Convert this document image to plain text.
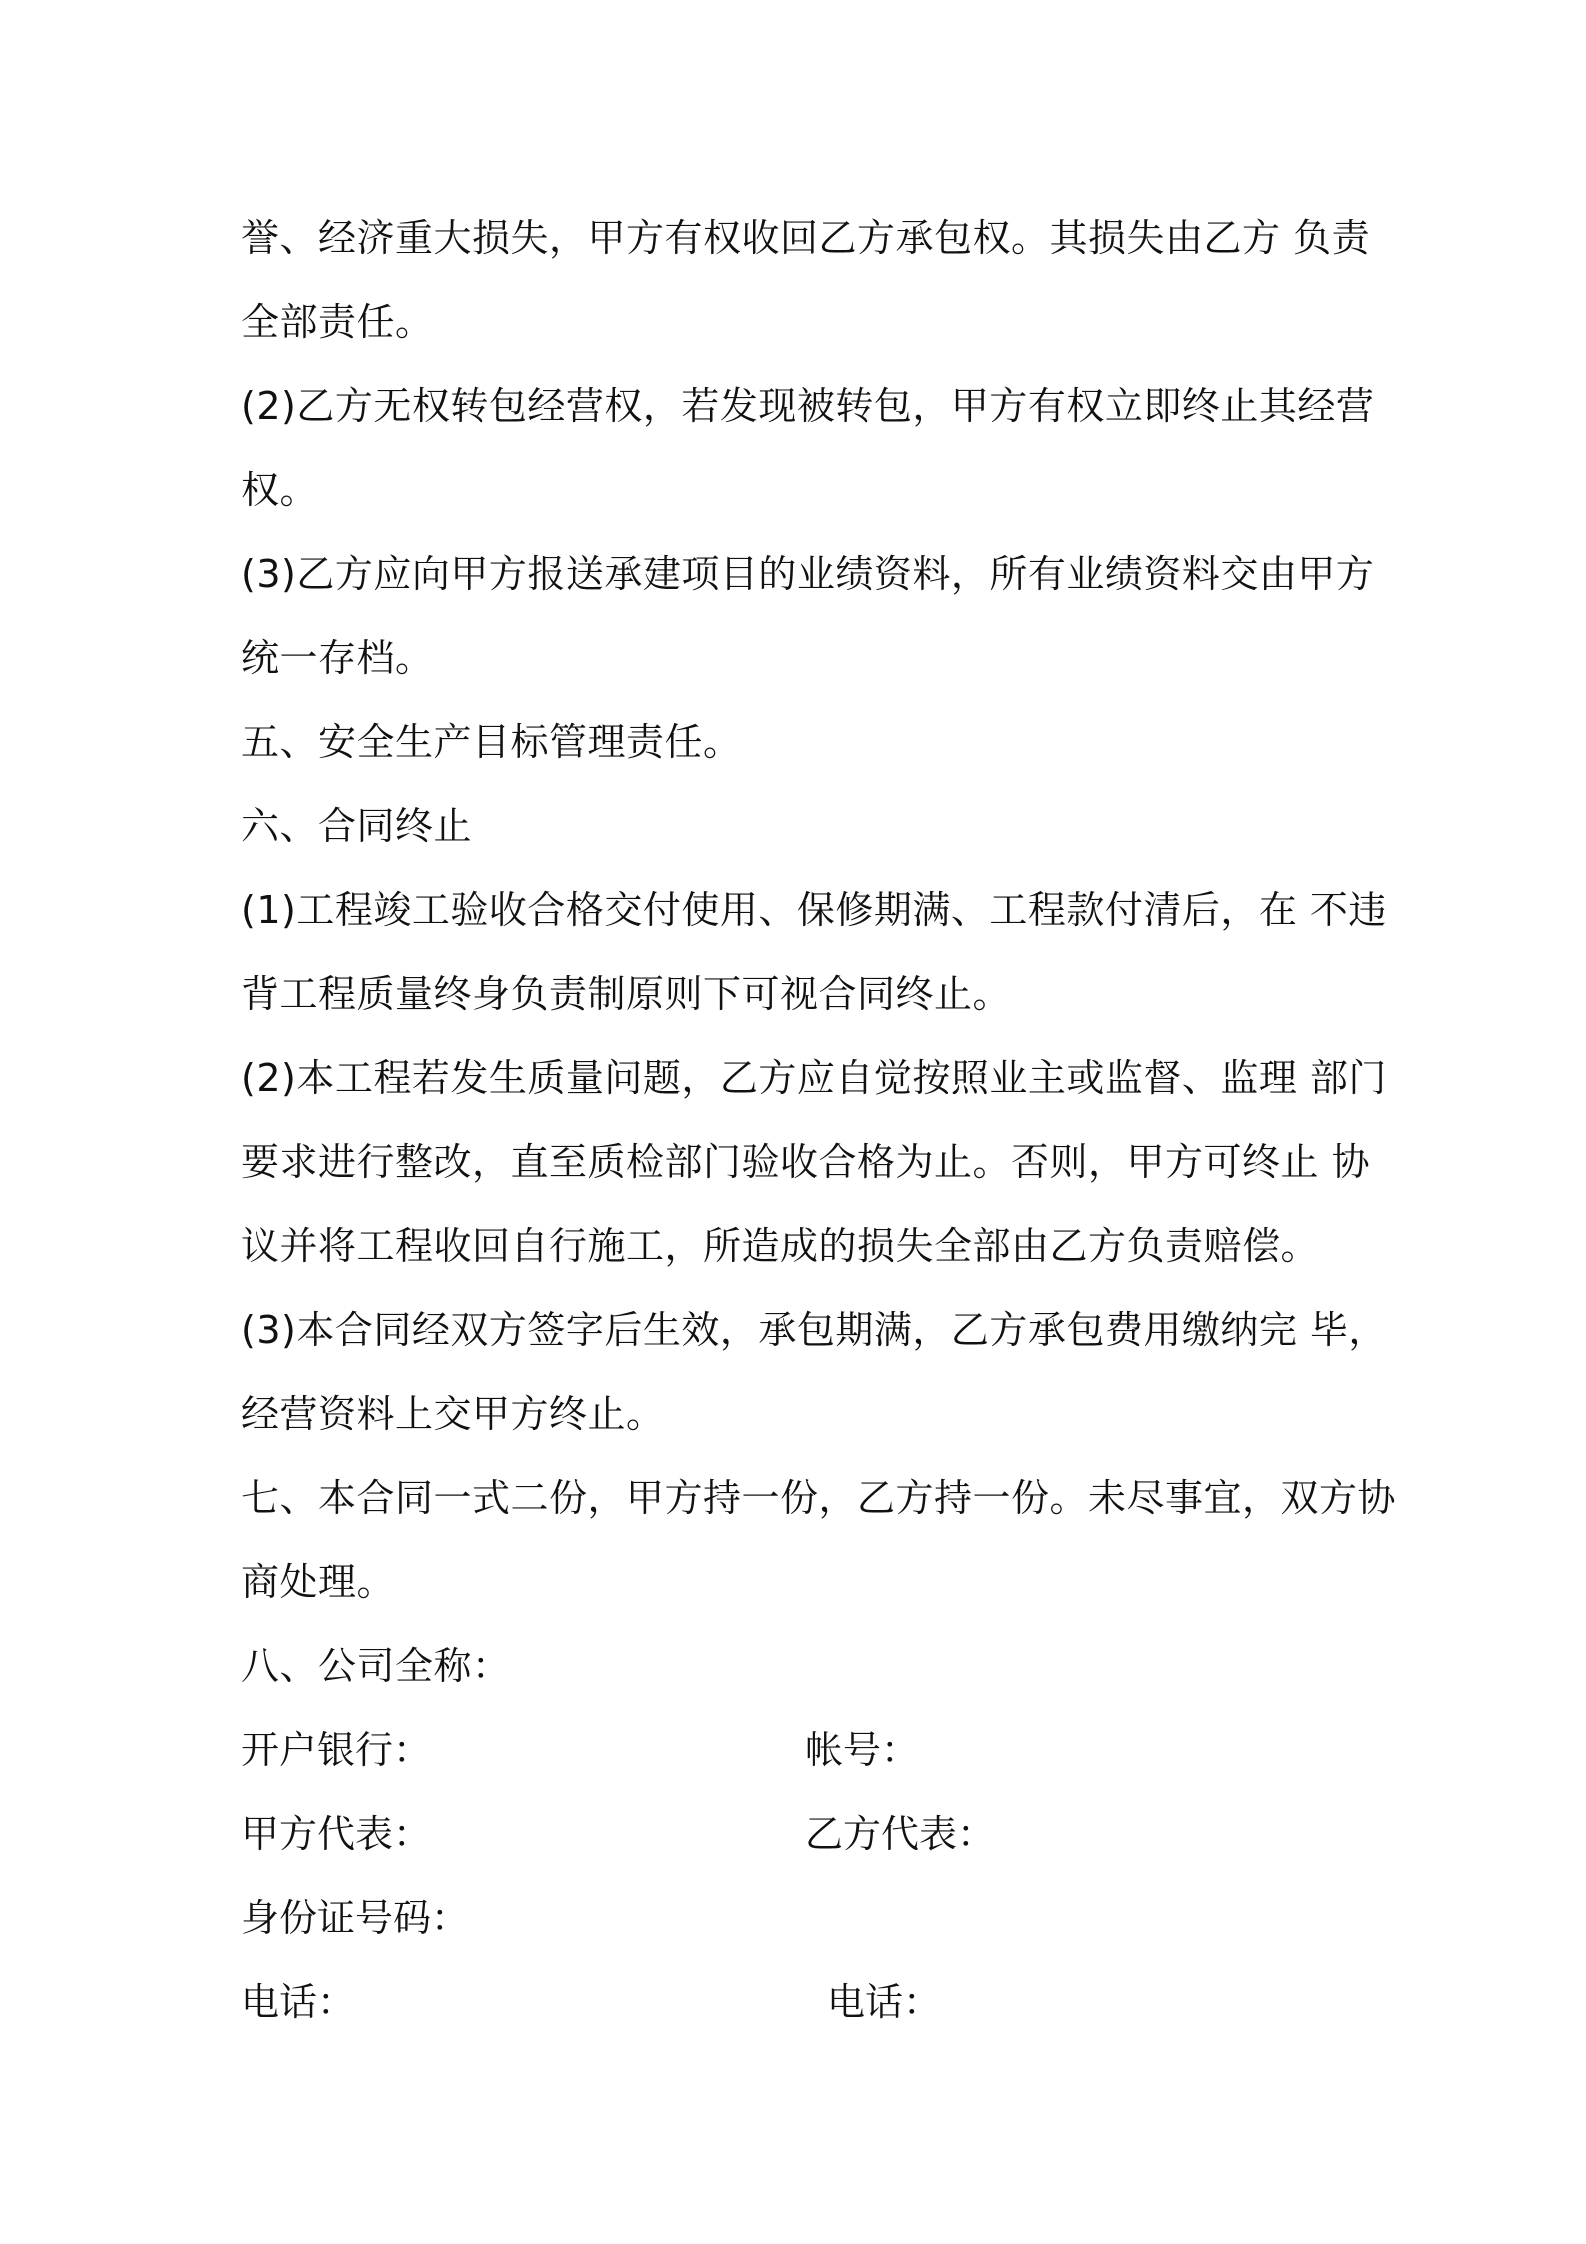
誉、经济重大损失，甲方有权收回乙方承包权。其损失由乙方 负责
全部责任。
(2)乙方无权转包经营权，若发现被转包，甲方有权立即终止其经营
权。
(3)乙方应向甲方报送承建项目的业绩资料，所有业绩资料交由甲方
统一存档。
五、安全生产目标管理责任。
六、合同终止
(1)工程竣工验收合格交付使用、保修期满、工程款付清后，在 不违
背工程质量终身负责制原则下可视合同终止。
(2)本工程若发生质量问题，乙方应自觉按照业主或监督、监理 部门
要求进行整改，直至质检部门验收合格为止。否则，甲方可终止 协
议并将工程收回自行施工，所造成的损失全部由乙方负责赔偿。
(3)本合同经双方签字后生效，承包期满，乙方承包费用缴纳完 毕，
经营资料上交甲方终止。
七、本合同一式二份，甲方持一份，乙方持一份。未尽事宜，双方协
商处理。
八、公司全称：
开户银行：	帐号：
甲方代表：	乙方代表：
身份证号码：
电话：	电话：
